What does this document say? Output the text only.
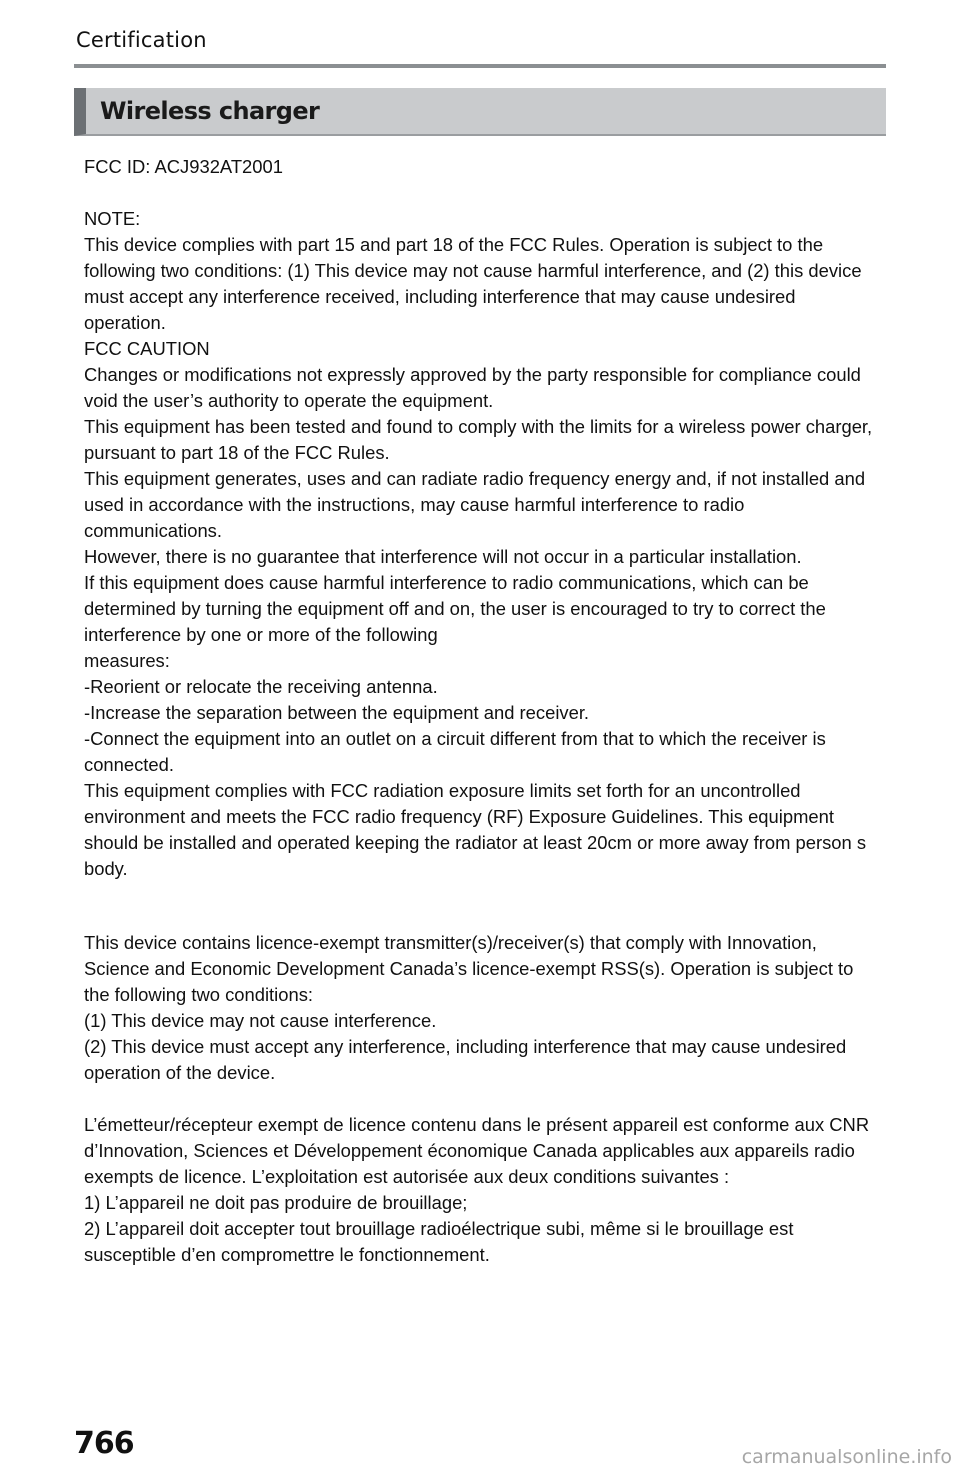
Certification
Wireless charger

FCC ID: ACJ932AT2001

NOTE:

This device complies with part 15 and part 18 of the FCC Rules. Operation is subject to the following two conditions: (1) This device may not cause harmful interference, and (2) this device must accept any interference received, including interference that may cause undesired operation.

FCC CAUTION

Changes or modifications not expressly approved by the party responsible for compliance could void the user’s authority to operate the equipment.

This equipment has been tested and found to comply with the limits for a wireless power charger, pursuant to part 18 of the FCC Rules.

This equipment generates, uses and can radiate radio frequency energy and, if not installed and used in accordance with the instructions, may cause harmful interference to radio communications.

However, there is no guarantee that interference will not occur in a particular installation.

If this equipment does cause harmful interference to radio communications, which can be determined by turning the equipment off and on, the user is encouraged to try to correct the interference by one or more of the following

measures:

-Reorient or relocate the receiving antenna.

-Increase the separation between the equipment and receiver.

-Connect the equipment into an outlet on a circuit different from that to which the receiver is connected.

This equipment complies with FCC radiation exposure limits set forth for an uncontrolled environment and meets the FCC radio frequency (RF) Exposure Guidelines. This equipment should be installed and operated keeping the radiator at least 20cm or more away from person s body.

This device contains licence-exempt transmitter(s)/receiver(s) that comply with Innovation, Science and Economic Development Canada’s licence-exempt RSS(s). Operation is subject to the following two conditions:

(1) This device may not cause interference.

(2) This device must accept any interference, including interference that may cause undesired operation of the device.

L’émetteur/récepteur exempt de licence contenu dans le présent appareil est conforme aux CNR d’Innovation, Sciences et Développement économique Canada applicables aux appareils radio exempts de licence. L’exploitation est autorisée aux deux conditions suivantes :

1) L’appareil ne doit pas produire de brouillage;

2) L’appareil doit accepter tout brouillage radioélectrique subi, même si le brouillage est susceptible d’en compromettre le fonctionnement.

766	carmanualsonline.info
